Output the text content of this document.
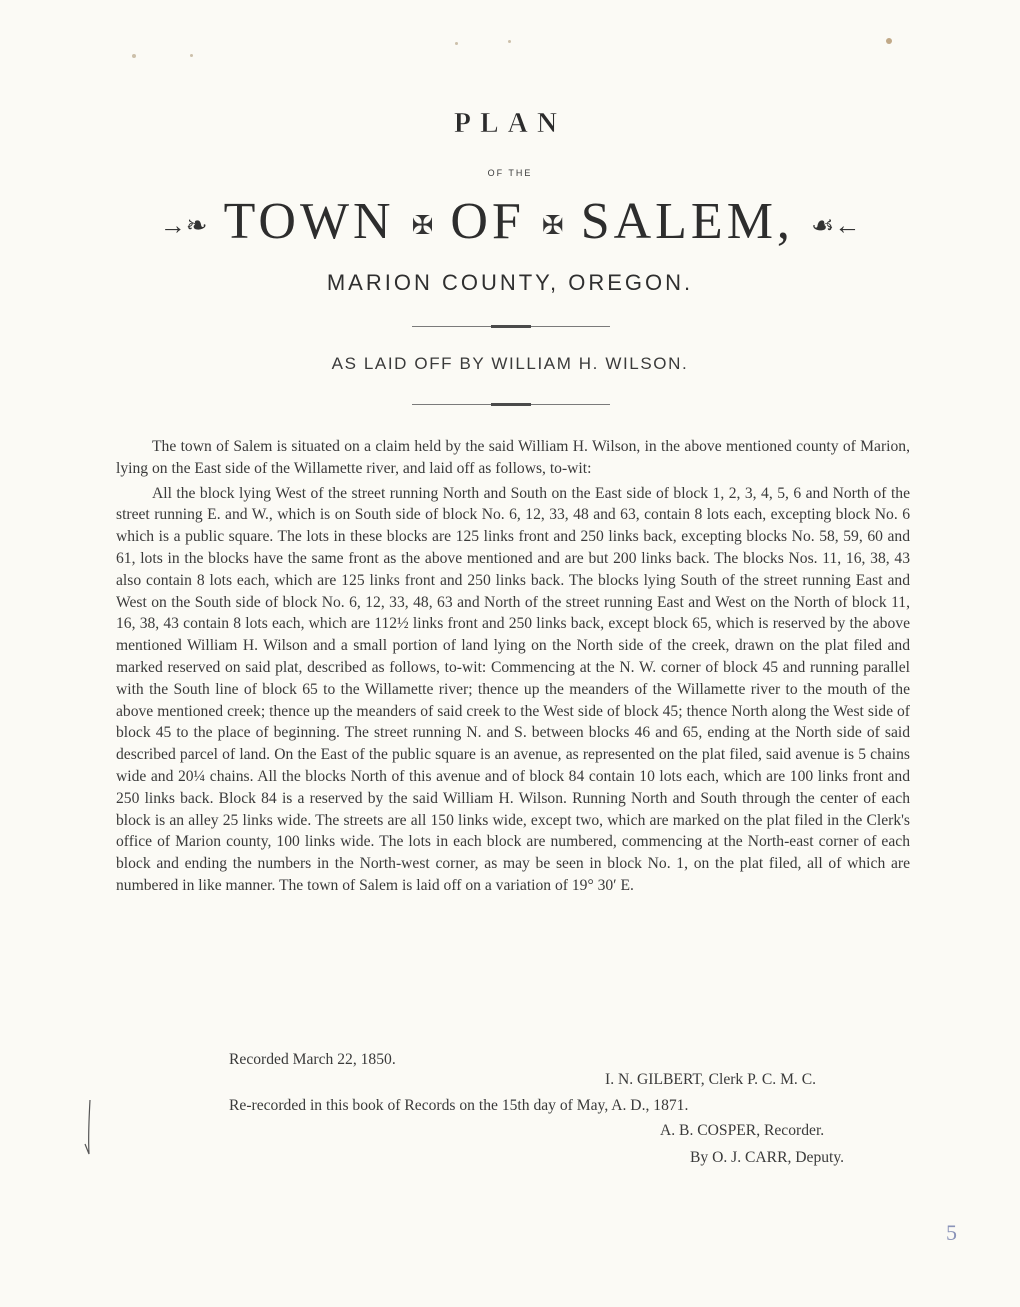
PLAN
OF THE
→❧ TOWN ✠ OF ✠ SALEM, ☙←
MARION COUNTY, OREGON.
AS LAID OFF BY WILLIAM H. WILSON.

The town of Salem is situated on a claim held by the said William H. Wilson, in the above mentioned county of Marion, lying on the East side of the Willamette river, and laid off as follows, to-wit:

All the block lying West of the street running North and South on the East side of block 1, 2, 3, 4, 5, 6 and North of the street running E. and W., which is on South side of block No. 6, 12, 33, 48 and 63, contain 8 lots each, excepting block No. 6 which is a public square. The lots in these blocks are 125 links front and 250 links back, excepting blocks No. 58, 59, 60 and 61, lots in the blocks have the same front as the above mentioned and are but 200 links back. The blocks Nos. 11, 16, 38, 43 also contain 8 lots each, which are 125 links front and 250 links back. The blocks lying South of the street running East and West on the South side of block No. 6, 12, 33, 48, 63 and North of the street running East and West on the North of block 11, 16, 38, 43 contain 8 lots each, which are 112½ links front and 250 links back, except block 65, which is reserved by the above mentioned William H. Wilson and a small portion of land lying on the North side of the creek, drawn on the plat filed and marked reserved on said plat, described as follows, to-wit: Commencing at the N. W. corner of block 45 and running parallel with the South line of block 65 to the Willamette river; thence up the meanders of the Willamette river to the mouth of the above mentioned creek; thence up the meanders of said creek to the West side of block 45; thence North along the West side of block 45 to the place of beginning. The street running N. and S. between blocks 46 and 65, ending at the North side of said described parcel of land. On the East of the public square is an avenue, as represented on the plat filed, said avenue is 5 chains wide and 20¼ chains. All the blocks North of this avenue and of block 84 contain 10 lots each, which are 100 links front and 250 links back. Block 84 is a reserved by the said William H. Wilson. Running North and South through the center of each block is an alley 25 links wide. The streets are all 150 links wide, except two, which are marked on the plat filed in the Clerk's office of Marion county, 100 links wide. The lots in each block are numbered, commencing at the North-east corner of each block and ending the numbers in the North-west corner, as may be seen in block No. 1, on the plat filed, all of which are numbered in like manner. The town of Salem is laid off on a variation of 19° 30′ E.

Recorded March 22, 1850.
I. N. GILBERT, Clerk P. C. M. C.
Re-recorded in this book of Records on the 15th day of May, A. D., 1871.
A. B. COSPER, Recorder.
By O. J. CARR, Deputy.
5
